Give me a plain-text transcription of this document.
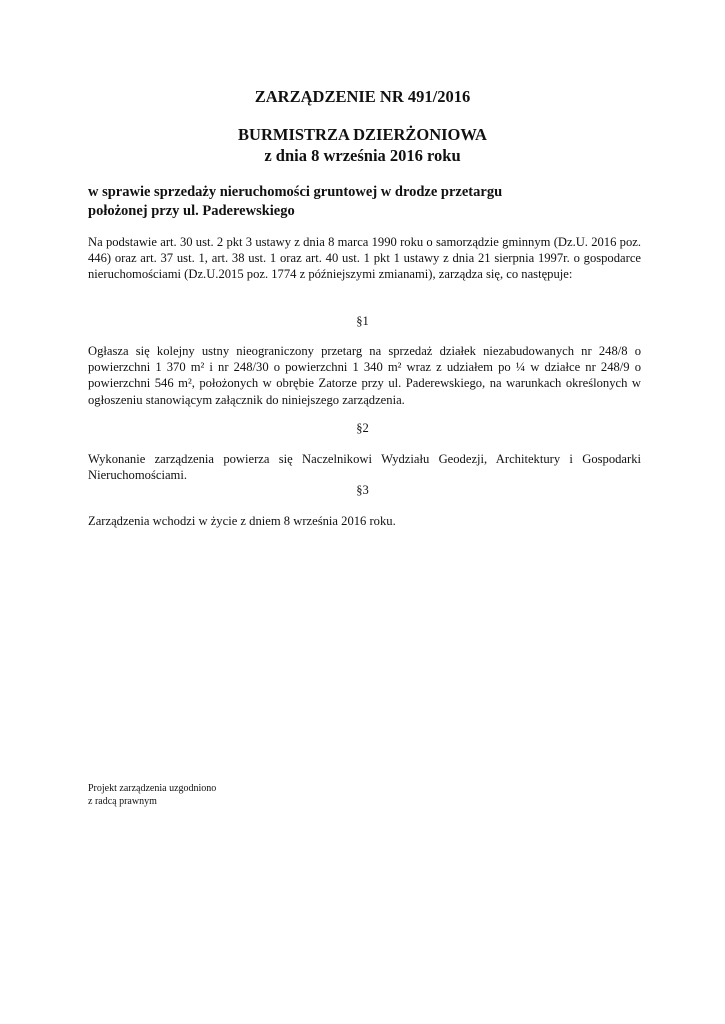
ZARZĄDZENIE NR 491/2016
BURMISTRZA DZIERŻONIOWA
z dnia 8 września 2016 roku

w sprawie sprzedaży nieruchomości gruntowej w drodze przetargu
położonej przy ul. Paderewskiego

Na podstawie art. 30 ust. 2 pkt 3 ustawy z dnia 8 marca 1990 roku o samorządzie gminnym (Dz.U. 2016 poz. 446) oraz art. 37 ust. 1, art. 38 ust. 1 oraz art. 40 ust. 1 pkt 1 ustawy z dnia 21 sierpnia 1997r. o gospodarce nieruchomościami (Dz.U.2015 poz. 1774 z późniejszymi zmianami), zarządza się, co następuje:

§1

Ogłasza się kolejny ustny nieograniczony przetarg na sprzedaż działek niezabudowanych nr 248/8 o powierzchni 1 370 m² i nr 248/30 o powierzchni 1 340 m² wraz z udziałem po ¼ w działce nr 248/9 o powierzchni 546 m², położonych w obrębie Zatorze przy ul. Paderewskiego, na warunkach określonych w ogłoszeniu stanowiącym załącznik do niniejszego zarządzenia.

§2

Wykonanie zarządzenia powierza się Naczelnikowi Wydziału Geodezji, Architektury i Gospodarki Nieruchomościami.

§3

Zarządzenia wchodzi w życie z dniem 8 września 2016 roku.

Projekt zarządzenia uzgodniono
z radcą prawnym
